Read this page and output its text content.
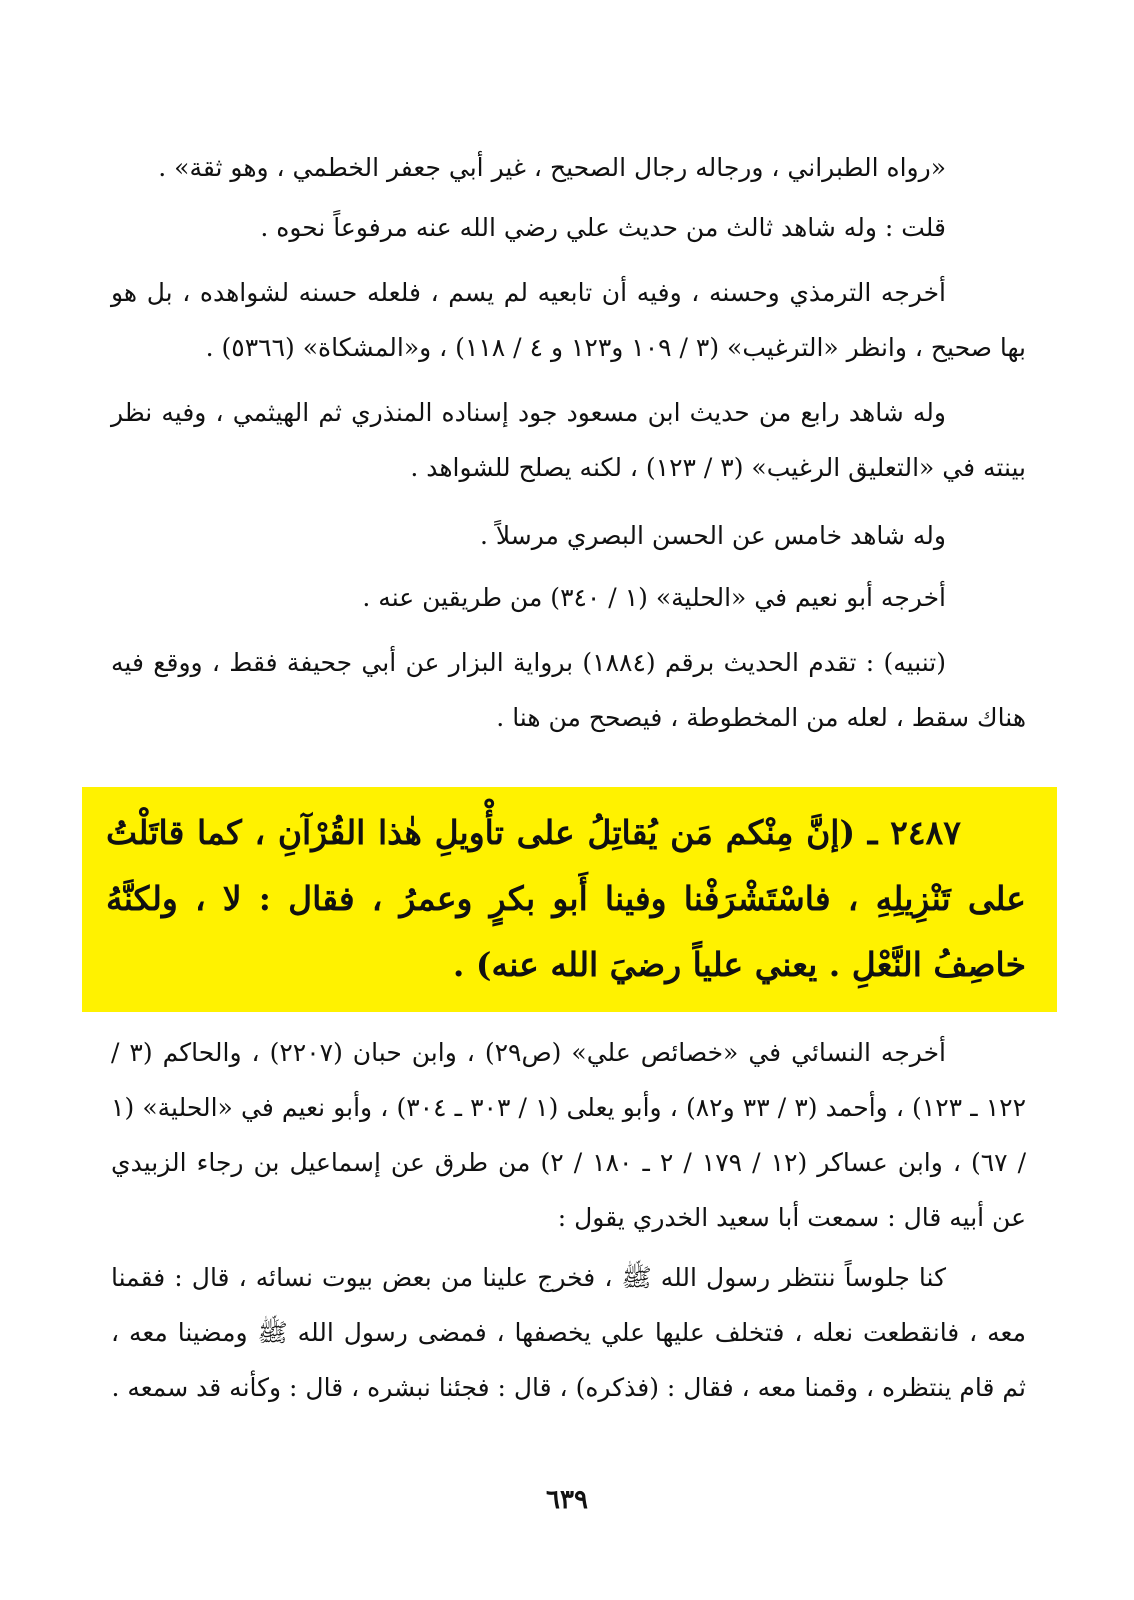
«رواه الطبراني ، ورجاله رجال الصحيح ، غير أبي جعفر الخطمي ، وهو ثقة» .

قلت : وله شاهد ثالث من حديث علي رضي الله عنه مرفوعاً نحوه .

أخرجه الترمذي وحسنه ، وفيه أن تابعيه لم يسم ، فلعله حسنه لشواهده ، بل هو بها صحيح ، وانظر «الترغيب» (٣ / ١٠٩ و١٢٣ و ٤ / ١١٨) ، و«المشكاة» (٥٣٦٦) .

وله شاهد رابع من حديث ابن مسعود جود إسناده المنذري ثم الهيثمي ، وفيه نظر بينته في «التعليق الرغيب» (٣ / ١٢٣) ، لكنه يصلح للشواهد .

وله شاهد خامس عن الحسن البصري مرسلاً .

أخرجه أبو نعيم في «الحلية» (١ / ٣٤٠) من طريقين عنه .

(تنبيه) : تقدم الحديث برقم (١٨٨٤) برواية البزار عن أبي جحيفة فقط ، ووقع فيه هناك سقط ، لعله من المخطوطة ، فيصحح من هنا .

٢٤٨٧ ـ (إنَّ مِنْكم مَن يُقاتِلُ على تأْويلِ هٰذا القُرْآنِ ، كما قاتَلْتُ على تَنْزِيلِهِ ، فاسْتَشْرَفْنا وفينا أَبو بكرٍ وعمرُ ، فقال : لا ، ولكنَّهُ خاصِفُ النَّعْلِ . يعني علياً رضيَ الله عنه) .

أخرجه النسائي في «خصائص علي» (ص٢٩) ، وابن حبان (٢٢٠٧) ، والحاكم (٣ / ١٢٢ ـ ١٢٣) ، وأحمد (٣ / ٣٣ و٨٢) ، وأبو يعلى (١ / ٣٠٣ ـ ٣٠٤) ، وأبو نعيم في «الحلية» (١ / ٦٧) ، وابن عساكر (١٢ / ١٧٩ / ٢ ـ ١٨٠ / ٢) من طرق عن إسماعيل بن رجاء الزبيدي عن أبيه قال : سمعت أبا سعيد الخدري يقول :

كنا جلوساً ننتظر رسول الله ﷺ ، فخرج علينا من بعض بيوت نسائه ، قال : فقمنا معه ، فانقطعت نعله ، فتخلف عليها علي يخصفها ، فمضى رسول الله ﷺ ومضينا معه ، ثم قام ينتظره ، وقمنا معه ، فقال : (فذكره) ، قال : فجئنا نبشره ، قال : وكأنه قد سمعه .

٦٣٩
